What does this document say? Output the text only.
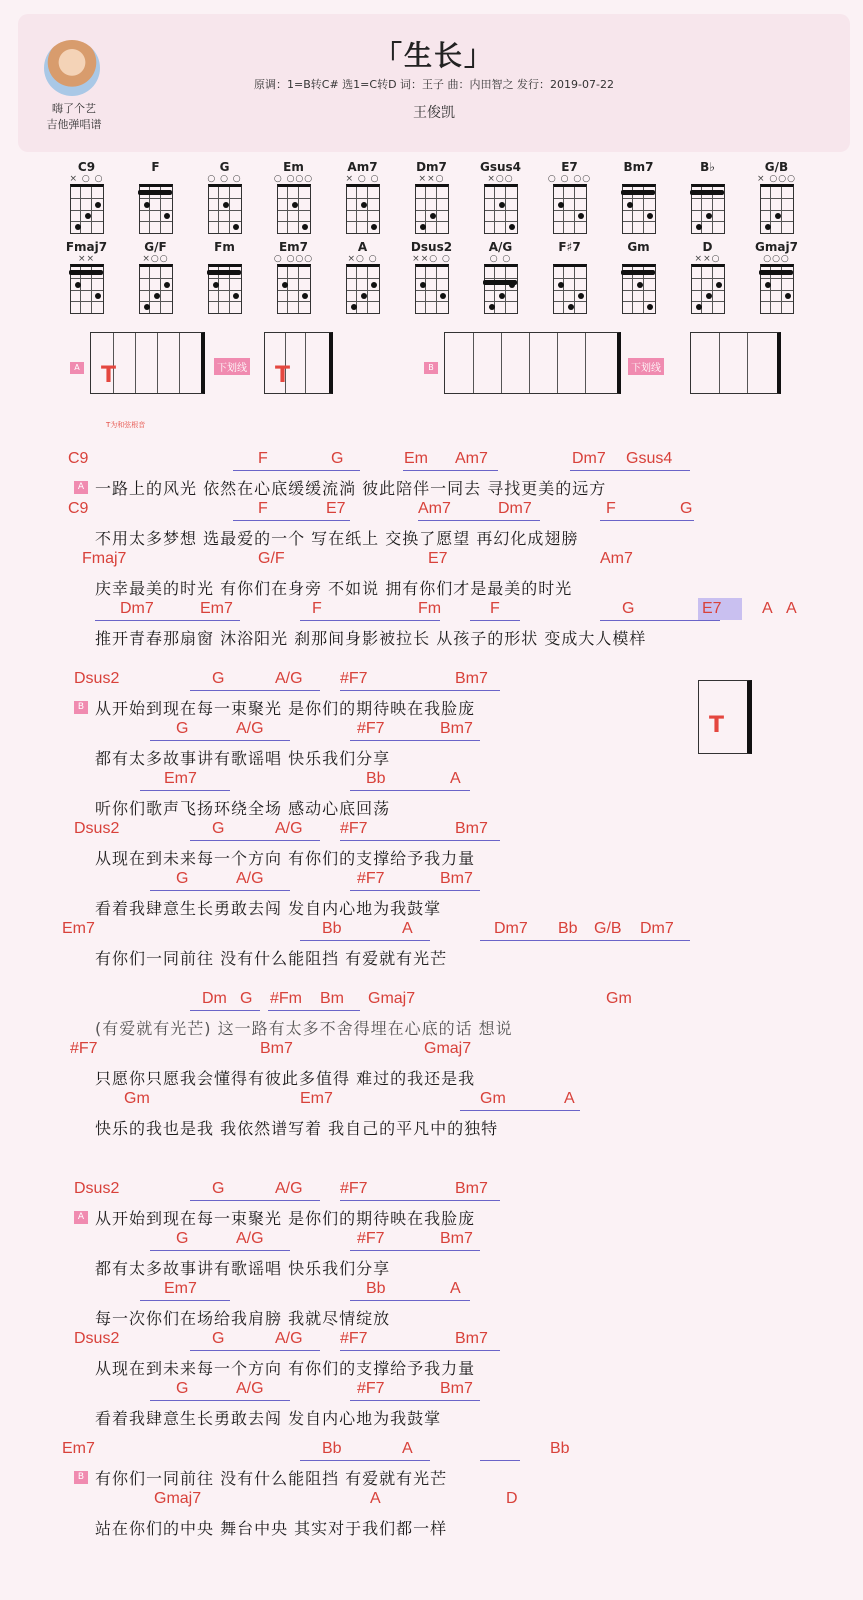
嗨了个艺
吉他弹唱谱
「生长」
原调：1=B转C# 选1=C转D 词：王子 曲：内田智之 发行：2019-07-22
王俊凯
C9
× ○ ○
F	G
○ ○ ○
Em
○ ○○○
Am7
× ○ ○
Dm7
××○
Gsus4
×○○
E7
○ ○ ○○
Bm7	B♭	G/B
× ○○○
Fmaj7
××
G/F
×○○
Fm	Em7
○ ○○○
A
×○ ○
Dsus2
××○ ○
A/G
○ ○
F♯7	Gm	D
××○
Gmaj7
○○○
A T	下划线 T
T为和弦根音
B	下划线
T
C9	F	G	Em Am7	Dm7 Gsus4
A 一路上的风光 依然在心底缓缓流淌 彼此陪伴一同去 寻找更美的远方
C9	F	E7	Am7	Dm7	F	G
不用太多梦想 选最爱的一个 写在纸上 交换了愿望 再幻化成翅膀
Fmaj7	G/F	E7	Am7
庆幸最美的时光 有你们在身旁 不如说 拥有你们才是最美的时光
Dm7	Em7	F	Fm	F	G	E7	A A
推开青春那扇窗 沐浴阳光 刹那间身影被拉长 从孩子的形状 变成大人模样
Dsus2	G	A/G #F7	Bm7
B 从开始到现在每一束聚光 是你们的期待映在我脸庞
G	A/G	#F7	Bm7
都有太多故事讲有歌谣唱 快乐我们分享
Em7	Bb	A
听你们歌声飞扬环绕全场 感动心底回荡
Dsus2	G	A/G #F7	Bm7
从现在到未来每一个方向 有你们的支撑给予我力量
G	A/G	#F7	Bm7
看着我肆意生长勇敢去闯 发自内心地为我鼓掌
Em7	Bb	A	Dm7 Bb G/B Dm7
有你们一同前往 没有什么能阻挡 有爱就有光芒
Dm G #Fm Bm Gmaj7	Gm
(有爱就有光芒) 这一路有太多不舍得埋在心底的话 想说
#F7	Bm7	Gmaj7
只愿你只愿我会懂得有彼此多值得 难过的我还是我
Gm	Em7	Gm	A
快乐的我也是我 我依然谱写着 我自己的平凡中的独特
Dsus2	G	A/G #F7	Bm7
A 从开始到现在每一束聚光 是你们的期待映在我脸庞
G	A/G	#F7	Bm7
都有太多故事讲有歌谣唱 快乐我们分享
Em7	Bb	A
每一次你们在场给我肩膀 我就尽情绽放
Dsus2	G	A/G #F7	Bm7
从现在到未来每一个方向 有你们的支撑给予我力量
G	A/G	#F7	Bm7
看着我肆意生长勇敢去闯 发自内心地为我鼓掌
Em7	Bb	A	Bb
B 有你们一同前往 没有什么能阻挡 有爱就有光芒
Gmaj7	A	D
站在你们的中央 舞台中央 其实对于我们都一样
